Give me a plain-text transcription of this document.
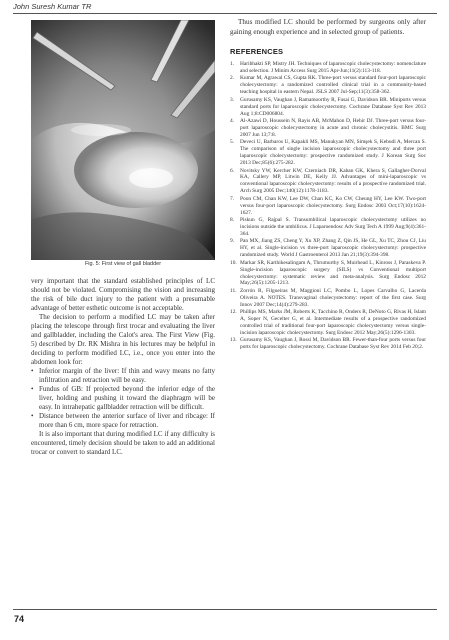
John Suresh Kumar TR
Fig. 5: First view of gall bladder

very important that the standard established principles of LC should not be violated. Compromising the vision and increasing the risk of bile duct injury to the patient with a presumable advantage of better esthetic outcome is not acceptable.

The decision to perform a modified LC may be taken after placing the telescope through first trocar and evaluating the liver and gallbladder, including the Calot's area. The First View (Fig. 5) described by Dr. RK Mishra in his lectures may be helpful in deciding to perform modified LC, i.e., once you enter into the abdomen look for:

• Inferior margin of the liver: If thin and wavy means no fatty infiltration and retraction will be easy.
• Fundus of GB: If projected beyond the inferior edge of the liver, holding and pushing it toward the diaphragm will be easy. In intrahepatic gallbladder retraction will be difficult.
• Distance between the anterior surface of liver and ribcage: If more than 6 cm, more space for retraction.

It is also important that during modified LC if any difficulty is encountered, timely decision should be taken to add an additional trocar or convert to standard LC.

Thus modified LC should be performed by surgeons only after gaining enough experience and in selected group of patients.

REFERENCES
1. Haribhakti SP, Mistry JH. Techniques of laparoscopic cholecystectomy: nomenclature and selection. J Minim Access Surg 2015 Apr-Jun;11(2):113-118.
2. Kumar M, Agrawal CS, Gupta RK. Three-port versus standard four-port laparoscopic cholecystectomy: a randomized controlled clinical trial in a community-based teaching hospital in eastern Nepal. JSLS 2007 Jul-Sep;11(3):358-362.
3. Gurusamy KS, Vaughan J, Ramamoorthy R, Fusai G, Davidson BR. Miniports versus standard ports for laparoscopic cholecystectomy. Cochrane Database Syst Rev 2013 Aug 1;8:CD006804.
4. Al-Azawi D, Houssein N, Rayis AB, McMahon D, Hehir DJ. Three-port versus four-port laparoscopic cholecystectomy in acute and chronic cholecystitis. BMC Surg 2007 Jun 13;7:8.
5. Deveci U, Barbaros U, Kapakli MS, Manukyan MN, Simşek S, Kebudi A, Mercan S. The comparison of single incision laparoscopic cholecystectomy and three port laparoscopic cholecystectomy: prospective randomized study. J Korean Surg Soc 2013 Dec;85(6):275-282.
6. Novitsky YW, Kercher KW, Czerniach DR, Kaban GK, Khera S, Gallagher-Dorval KA, Callery MP, Litwin DE, Kelly JJ. Advantages of mini-laparoscopic vs conventional laparoscopic cholecystectomy: results of a prospective randomized trial. Arch Surg 2005 Dec;140(12):1178-1183.
7. Poon CM, Chan KW, Lee DW, Chan KC, Ko CW, Cheung HY, Lee KW. Two-port versus four-port laparoscopic cholecystectomy. Surg Endosc 2003 Oct;17(10):1624-1627.
8. Piskun G, Rajpal S. Transumbilical laparoscopic cholecystectomy utilizes no incisions outside the umbilicus. J Laparoendosc Adv Surg Tech A 1999 Aug;9(4):361-364.
9. Pan MX, Jiang ZS, Cheng Y, Xu XP, Zhang Z, Qin JS, He GL, Xu TC, Zhou CJ, Liu HY, et al. Single-incision vs three-port laparoscopic cholecystectomy: prospective randomized study. World J Gastroenterol 2013 Jan 21;19(3):394-398.
10. Markar SR, Karthikesalingam A, Thrumurthy S, Muirhead L, Kinross J, Paraskeva P. Single-incision laparoscopic surgery (SILS) vs Conventional multiport cholecystectomy: systematic review and meta-analysis. Surg Endosc 2012 May;26(5):1205-1213.
11. Zorrón R, Filgueiras M, Maggioni LC, Pombo L, Lopes Carvalho G, Lacerda Oliveira A. NOTES. Transvaginal cholecystectomy: report of the first case. Surg Innov 2007 Dec;14(4):279-283.
12. Phillips MS, Marks JM, Roberts K, Tacchino R, Onders R, DeNoto G, Rivas H, Islam A, Soper N, Gecelter G, et al. Intermediate results of a prospective randomized controlled trial of traditional four-port laparoscopic cholecystectomy versus single-incision laparoscopic cholecystectomy. Surg Endosc 2012 May;26(5):1296-1303.
13. Gurusamy KS, Vaughan J, Rossi M, Davidson BR. Fewer-than-four ports versus four ports for laparoscopic cholecystectomy. Cochrane Database Syst Rev 2014 Feb 20;2.
74
